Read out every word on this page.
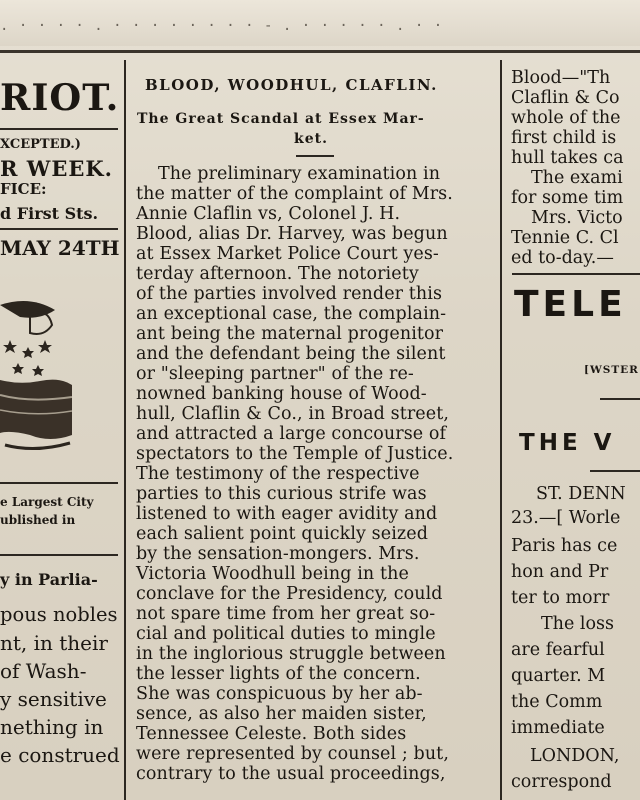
. · · · · . · · · · · · · · - . · · · · · . · ·
RIOT.
XCEPTED.)
R WEEK.
FICE:
d First Sts.
MAY 24TH
e Largest City
ublished in
y in Parlia-
pous nobles
nt, in their
of Wash-
y sensitive
nething in
e construed
BLOOD, WOODHUL, CLAFLIN.
The Great Scandal at Essex Mar-
ket.
The preliminary examination in
the matter of the complaint of Mrs.
Annie Claflin vs, Colonel J. H.
Blood, alias Dr. Harvey, was begun
at Essex Market Police Court yes-
terday afternoon. The notoriety
of the parties involved render this
an exceptional case, the complain-
ant being the maternal progenitor
and the defendant being the silent
or "sleeping partner" of the re-
nowned banking house of Wood-
hull, Claflin & Co., in Broad street,
and attracted a large concourse of
spectators to the Temple of Justice.
The testimony of the respective
parties to this curious strife was
listened to with eager avidity and
each salient point quickly seized
by the sensation-mongers. Mrs.
Victoria Woodhull being in the
conclave for the Presidency, could
not spare time from her great so-
cial and political duties to mingle
in the inglorious struggle between
the lesser lights of the concern.
She was conspicuous by her ab-
sence, as also her maiden sister,
Tennessee Celeste. Both sides
were represented by counsel ; but,
contrary to the usual proceedings,
Blood—"Th
Claflin & Co
whole of the
first child is
hull takes ca
The exami
for some tim
Mrs. Victo
Tennie C. Cl
ed to-day.—
TELE
[WSTER
THE V
ST. DENN
23.—[ Worle
Paris has ce
hon and Pr
ter to morr
The loss
are fearful
quarter. M
the Comm
immediate
LONDON,
correspond
